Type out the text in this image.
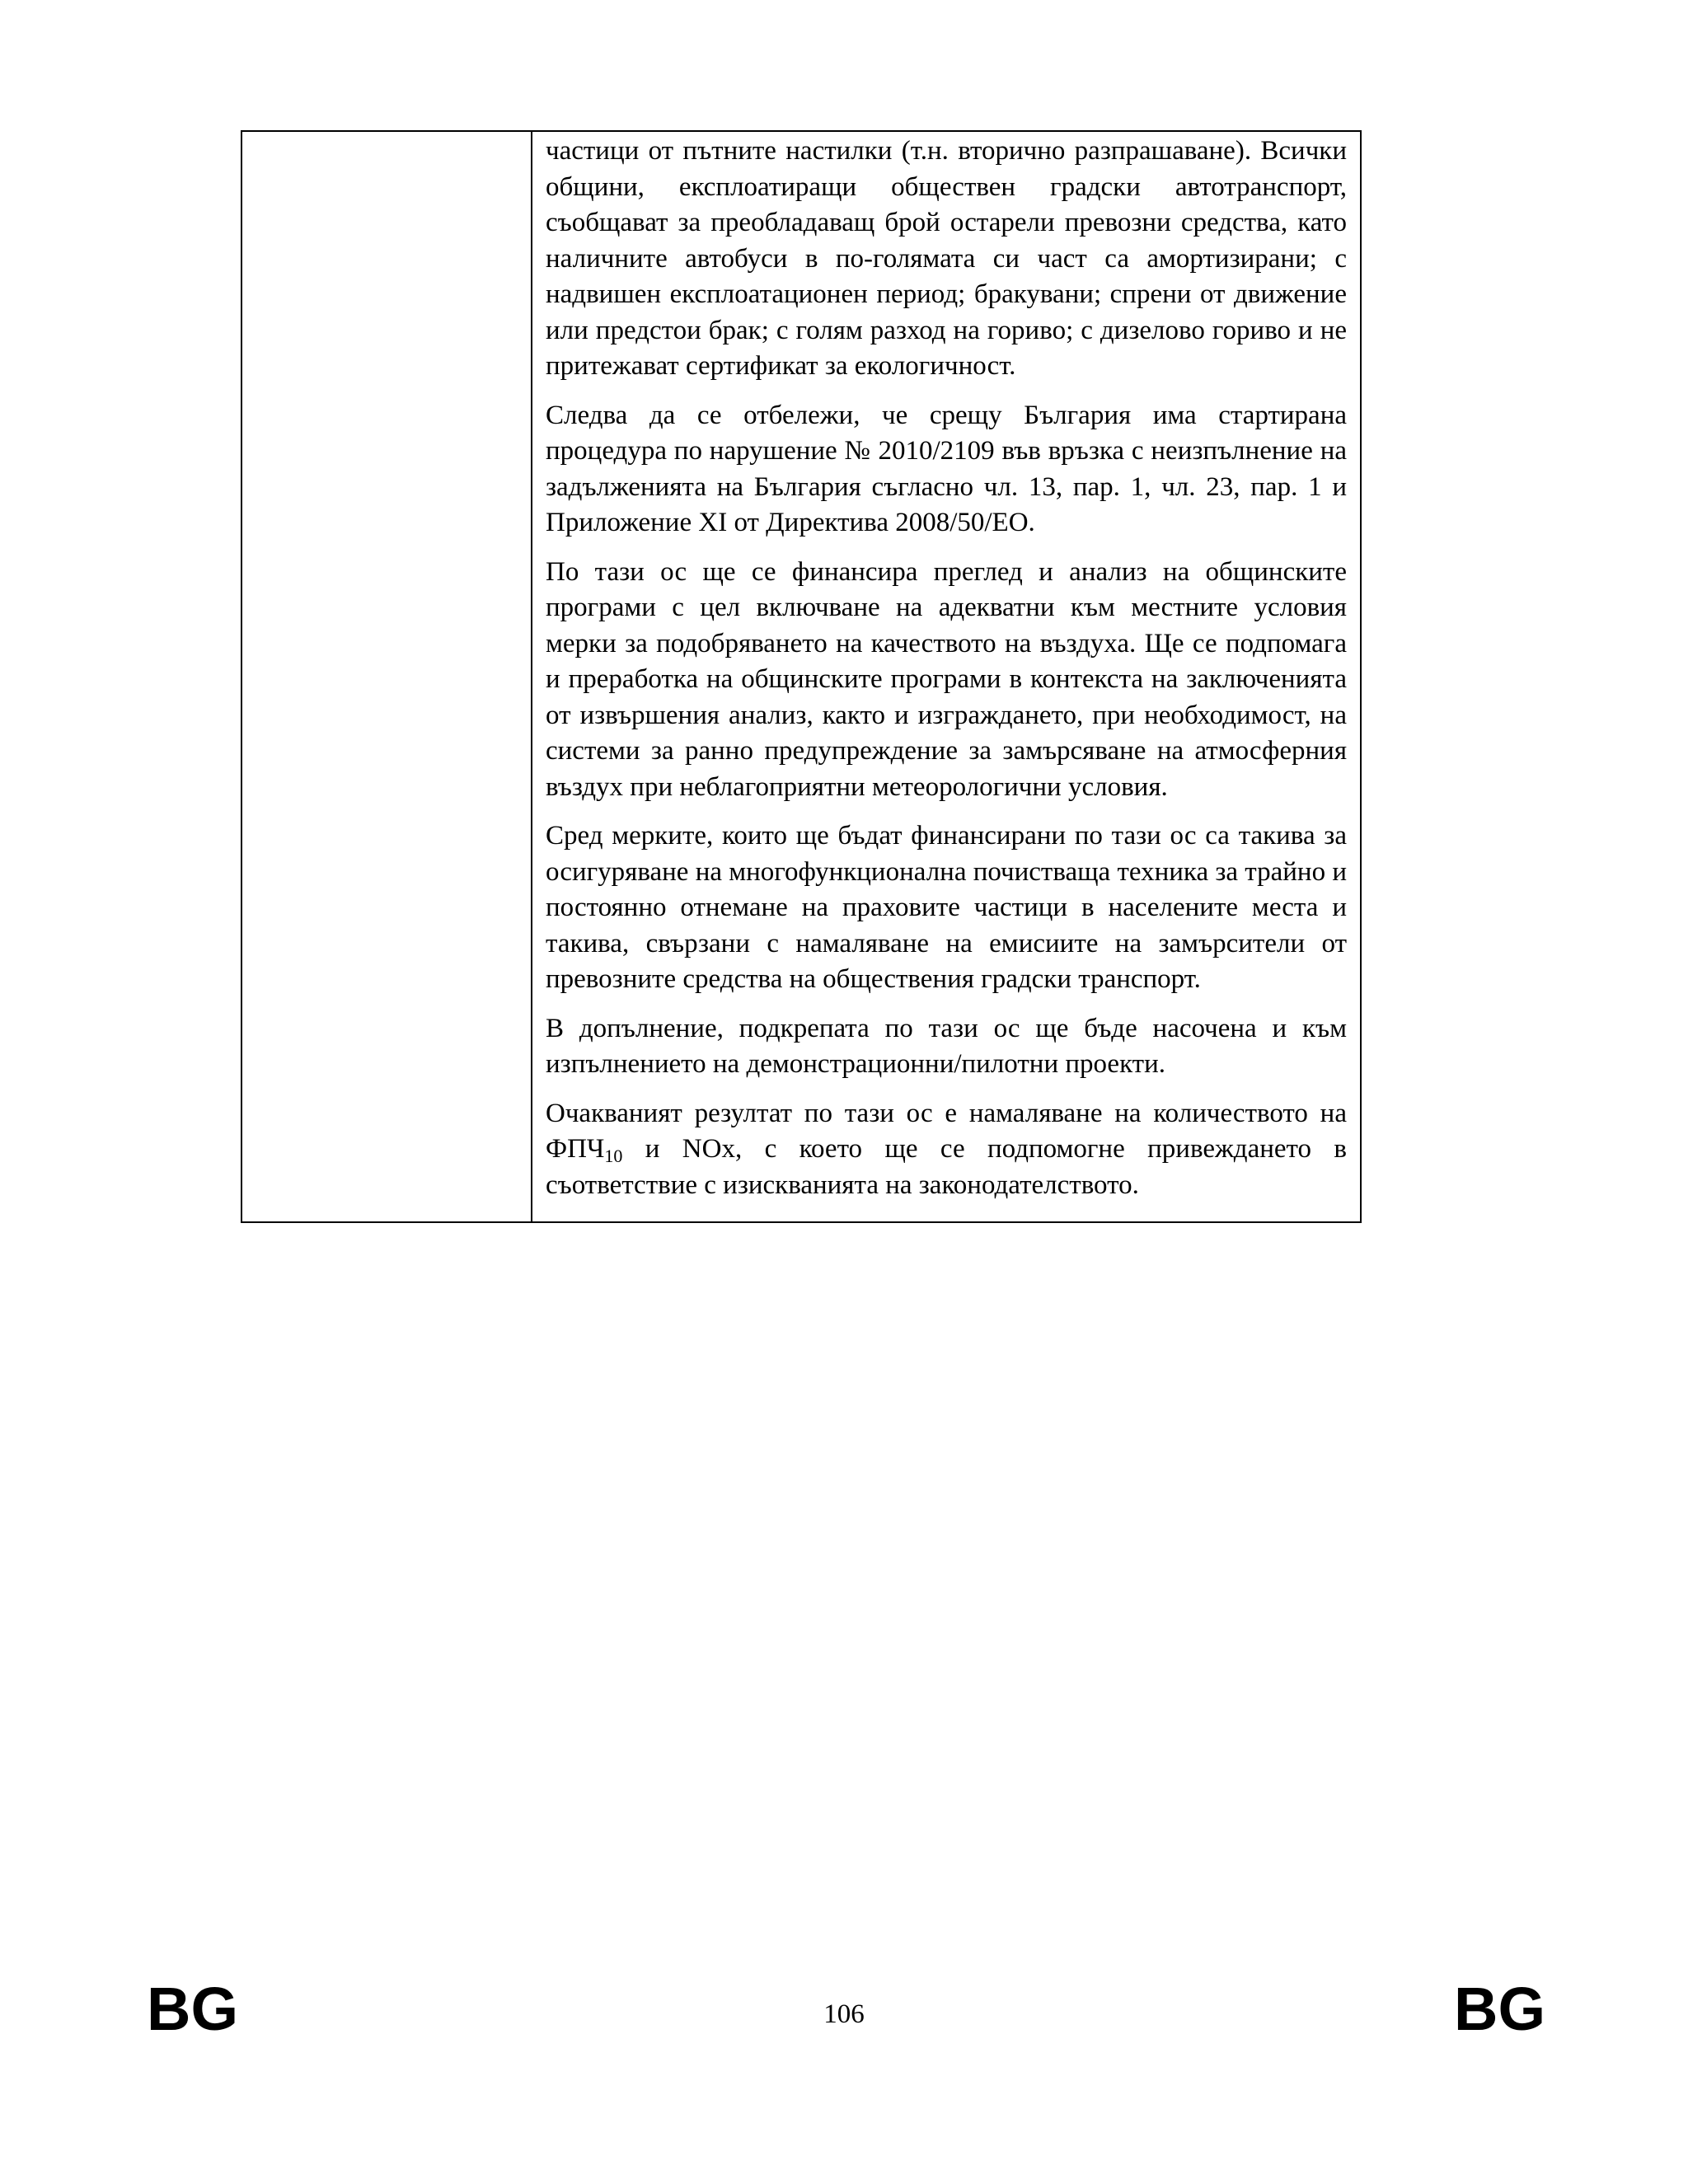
частици от пътните настилки (т.н. вторично разпрашаване). Всички общини, експлоатиращи обществен градски автотранспорт, съобщават за преобладаващ брой остарели превозни средства, като наличните автобуси в по-голямата си част са амортизирани; с надвишен експлоатационен период; бракувани; спрени от движение или предстои брак; с голям разход на гориво; с дизелово гориво и не притежават сертификат за екологичност.

Следва да се отбележи, че срещу България има стартирана процедура по нарушение № 2010/2109 във връзка с неизпълнение на задълженията на България съгласно чл. 13, пар. 1, чл. 23, пар. 1 и Приложение XI от Директива 2008/50/ЕО.

По тази ос ще се финансира преглед и анализ на общинските програми с цел включване на адекватни към местните условия мерки за подобряването на качеството на въздуха. Ще се подпомага и преработка на общинските програми в контекста на заключенията от извършения анализ, както и изграждането, при необходимост, на системи за ранно предупреждение за замърсяване на атмосферния въздух при неблагоприятни метеорологични условия.

Сред мерките, които ще бъдат финансирани по тази ос са такива за осигуряване на многофункционална почистваща техника за трайно и постоянно отнемане на праховите частици в населените места и такива, свързани с намаляване на емисиите на замърсители от превозните средства на обществения градски транспорт.

В допълнение, подкрепата по тази ос ще бъде насочена и към изпълнението на демонстрационни/пилотни проекти.

Очакваният резултат по тази ос е намаляване на количеството на $ФПЧ_{10}$ и NOx, с което ще се подпомогне привеждането в съответствие с изискванията на законодателството.

BG	106	BG
